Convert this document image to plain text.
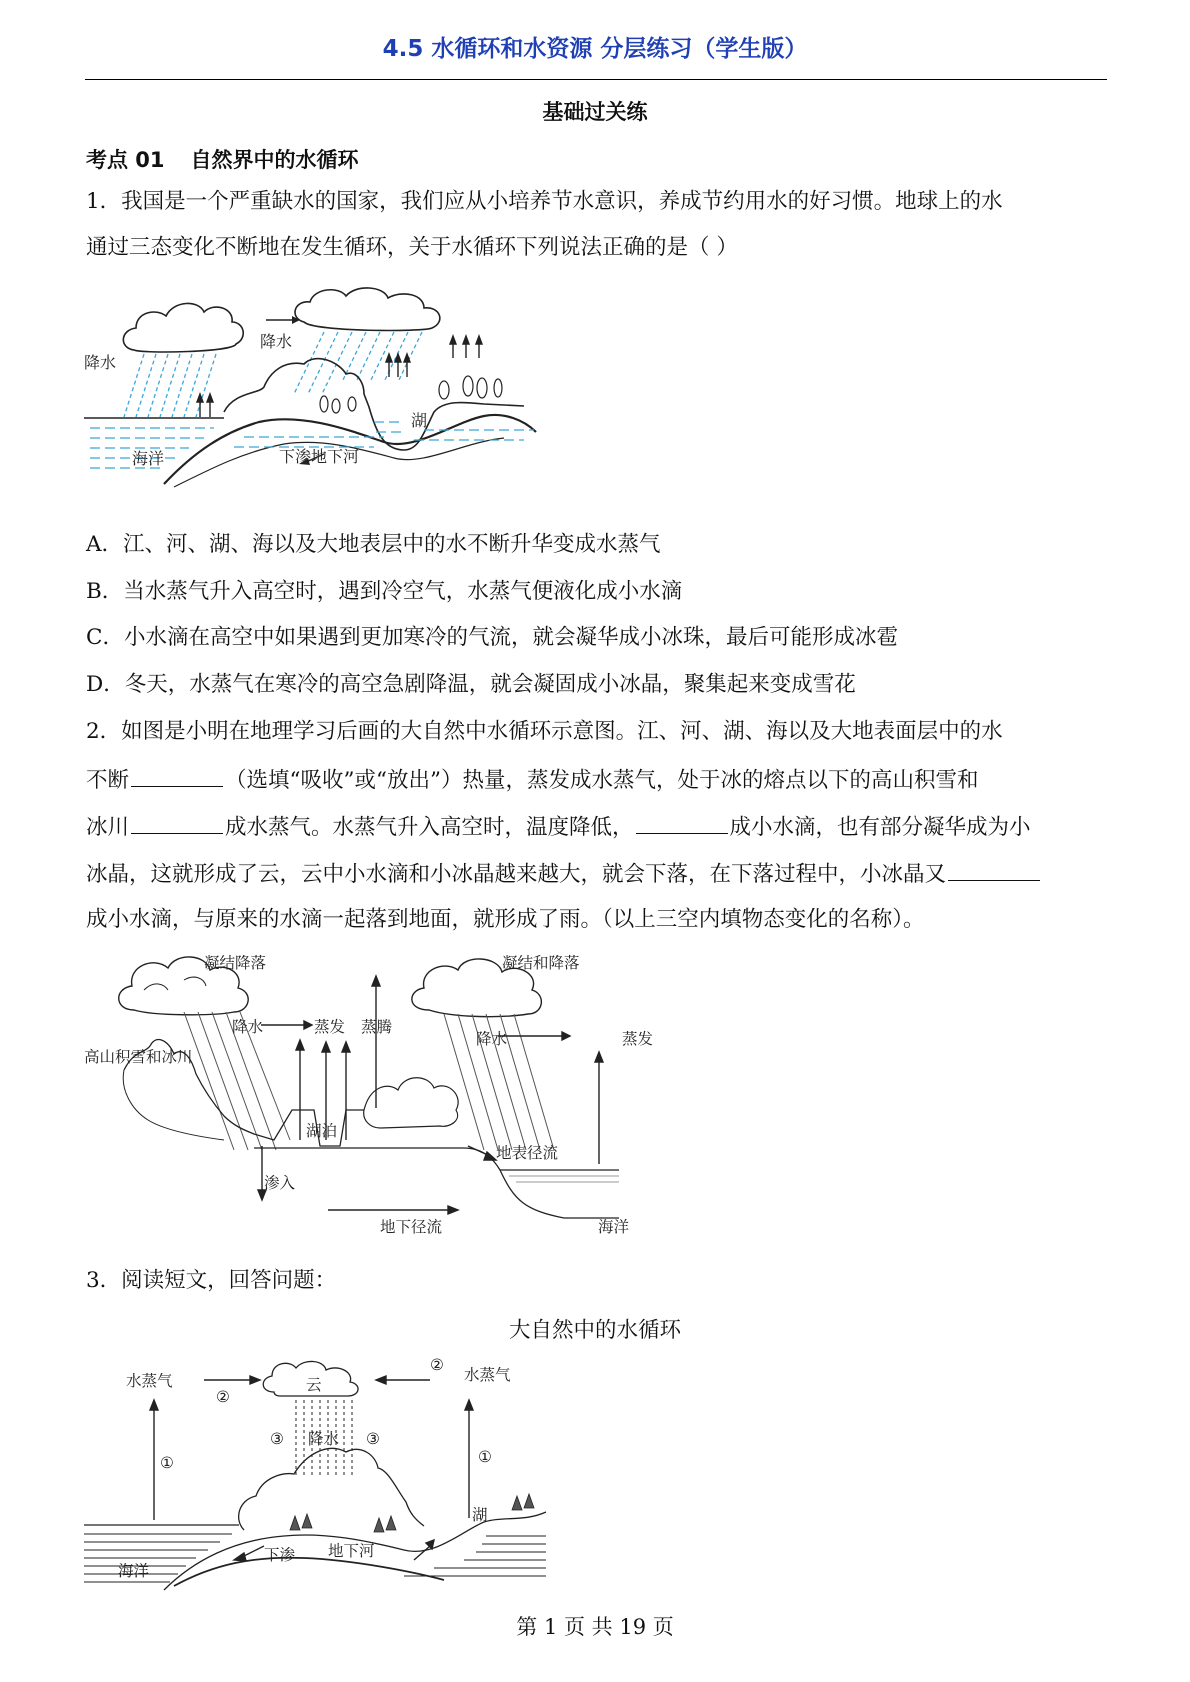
4.5 水循环和水资源 分层练习（学生版）
基础过关练
考点 01 自然界中的水循环
1．我国是一个严重缺水的国家，我们应从小培养节水意识，养成节约用水的好习惯。地球上的水
通过三态变化不断地在发生循环，关于水循环下列说法正确的是（ ）
降水
降水
海洋	下渗地下河
湖
A．江、河、湖、海以及大地表层中的水不断升华变成水蒸气
B．当水蒸气升入高空时，遇到冷空气，水蒸气便液化成小水滴
C．小水滴在高空中如果遇到更加寒冷的气流，就会凝华成小冰珠，最后可能形成冰雹
D．冬天，水蒸气在寒冷的高空急剧降温，就会凝固成小冰晶，聚集起来变成雪花
2．如图是小明在地理学习后画的大自然中水循环示意图。江、河、湖、海以及大地表面层中的水
不断	（选填“吸收”或“放出”）热量，蒸发成水蒸气，处于冰的熔点以下的高山积雪和
冰川	成水蒸气。水蒸气升入高空时，温度降低，	成小水滴，也有部分凝华成为小
冰晶，这就形成了云，云中小水滴和小冰晶越来越大，就会下落，在下落过程中，小冰晶又
成小水滴，与原来的水滴一起落到地面，就形成了雨。（以上三空内填物态变化的名称）。
凝结降落	凝结和降落
高山积雪和冰川
降水	蒸发 蒸腾
降水	蒸发
湖泊
地表径流
渗入
地下径流	海洋
3．阅读短文，回答问题：
大自然中的水循环
水蒸气	水蒸气
云
②
②
①	①
③	③
降水
湖
海洋
下渗 地下河
第 1 页 共 19 页
